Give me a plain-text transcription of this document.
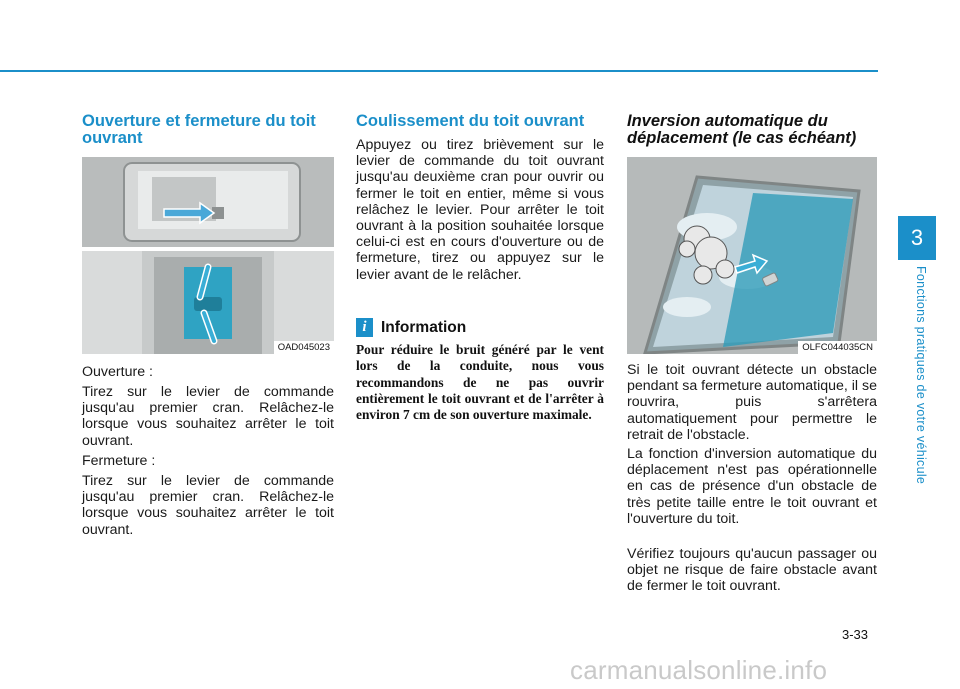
Ouverture et fermeture du toit ouvrant
OAD045023

Ouverture :

Tirez sur le levier de commande jusqu'au premier cran. Relâchez-le lorsque vous souhaitez arrêter le toit ouvrant.

Fermeture :

Tirez sur le levier de commande jusqu'au premier cran. Relâchez-le lorsque vous souhaitez arrêter le toit ouvrant.

Coulissement du toit ouvrant

Appuyez ou tirez brièvement sur le levier de commande du toit ouvrant jusqu'au deuxième cran pour ouvrir ou fermer le toit en entier, même si vous relâchez le levier. Pour arrêter le toit ouvrant à la position souhaitée lorsque celui-ci est en cours d'ouverture ou de fermeture, tirez ou appuyez sur le levier avant de le relâcher.

i Information

Pour réduire le bruit généré par le vent lors de la conduite, nous vous recommandons de ne pas ouvrir entièrement le toit ouvrant et de l'arrêter à environ 7 cm de son ouverture maximale.

Inversion automatique du déplacement (le cas échéant)
OLFC044035CN

Si le toit ouvrant détecte un obstacle pendant sa fermeture automatique, il se rouvrira, puis s'arrêtera automatiquement pour permettre le retrait de l'obstacle.

La fonction d'inversion automatique du déplacement n'est pas opérationnelle en cas de présence d'un obstacle de très petite taille entre le toit ouvrant et l'ouverture du toit.

Vérifiez toujours qu'aucun passager ou objet ne risque de faire obstacle avant de fermer le toit ouvrant.

3
Fonctions pratiques de votre véhicule
3-33
carmanualsonline.info
